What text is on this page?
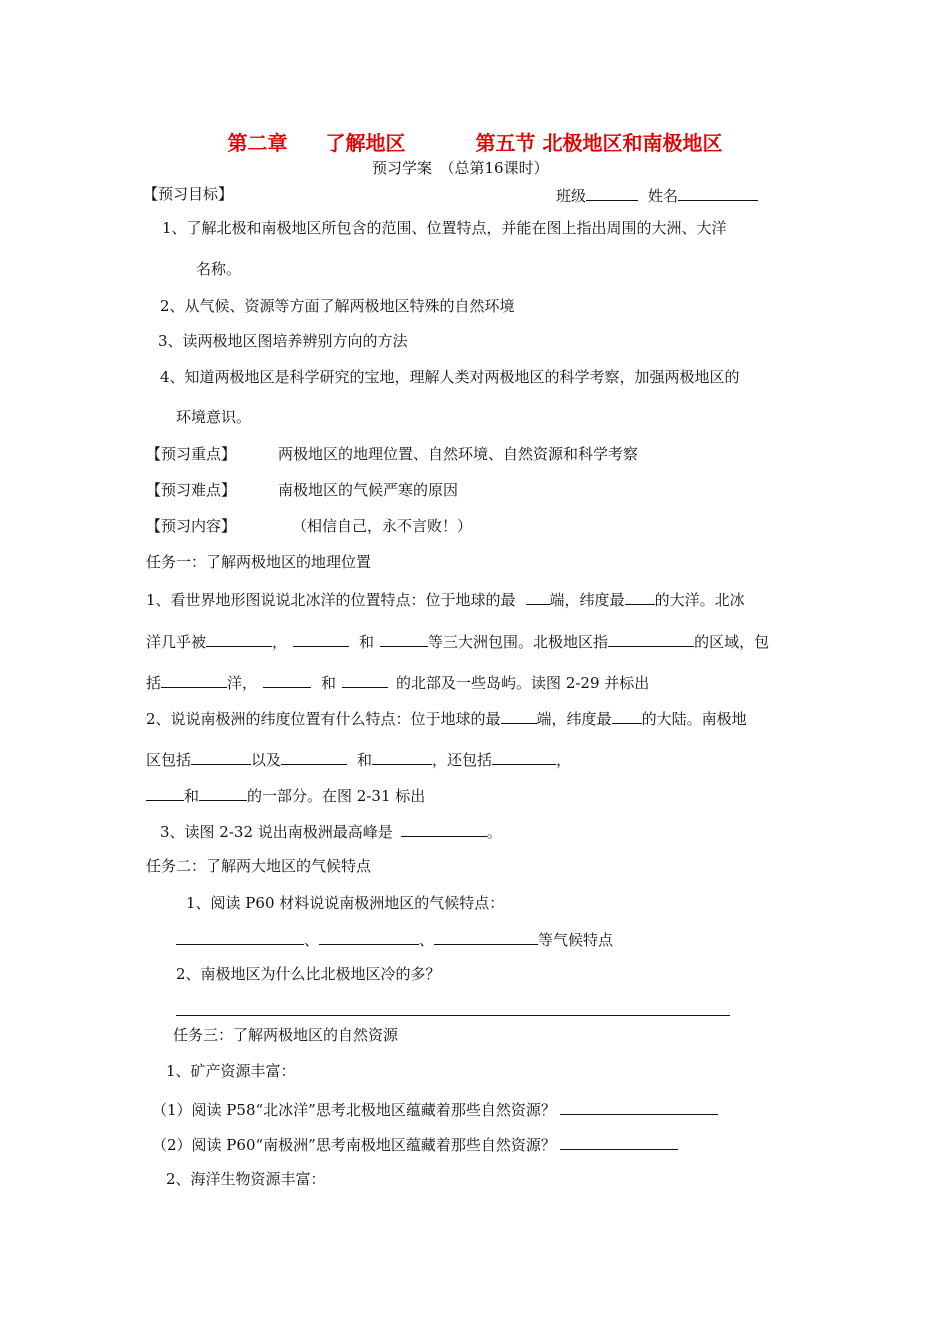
第二章 了解地区	第五节 北极地区和南极地区
预习学案　（总第16课时）
【预习目标】	班级	姓名
1、了解北极和南极地区所包含的范围、位置特点，并能在图上指出周围的大洲、大洋
名称。
2、从气候、资源等方面了解两极地区特殊的自然环境
3、读两极地区图培养辨别方向的方法
4、知道两极地区是科学研究的宝地，理解人类对两极地区的科学考察，加强两极地区的
环境意识。
【预习重点】	两极地区的地理位置、自然环境、自然资源和科学考察
【预习难点】	南极地区的气候严寒的原因
【预习内容】	（相信自己，永不言败！）
任务一：了解两极地区的地理位置
1、看世界地形图说说北冰洋的位置特点：位于地球的最 端，纬度最 的大洋。北冰
洋几乎被	，	和	等三大洲包围。北极地区指	的区域，包
括	洋，	和	的北部及一些岛屿。读图 2-29 并标出
2、说说南极洲的纬度位置有什么特点：位于地球的最 端，纬度最 的大陆。南极地
区包括	以及	和	，还包括	，
和	的一部分。在图 2-31 标出
3、读图 2-32 说出南极洲最高峰是	。
任务二：了解两大地区的气候特点
1、阅读 P60 材料说说南极洲地区的气候特点：
、	、	等气候特点
2、南极地区为什么比北极地区冷的多？
任务三：了解两极地区的自然资源
1、矿产资源丰富：
（1）阅读 P58“北冰洋”思考北极地区蕴藏着那些自然资源？
（2）阅读 P60“南极洲”思考南极地区蕴藏着那些自然资源？
2、海洋生物资源丰富：
